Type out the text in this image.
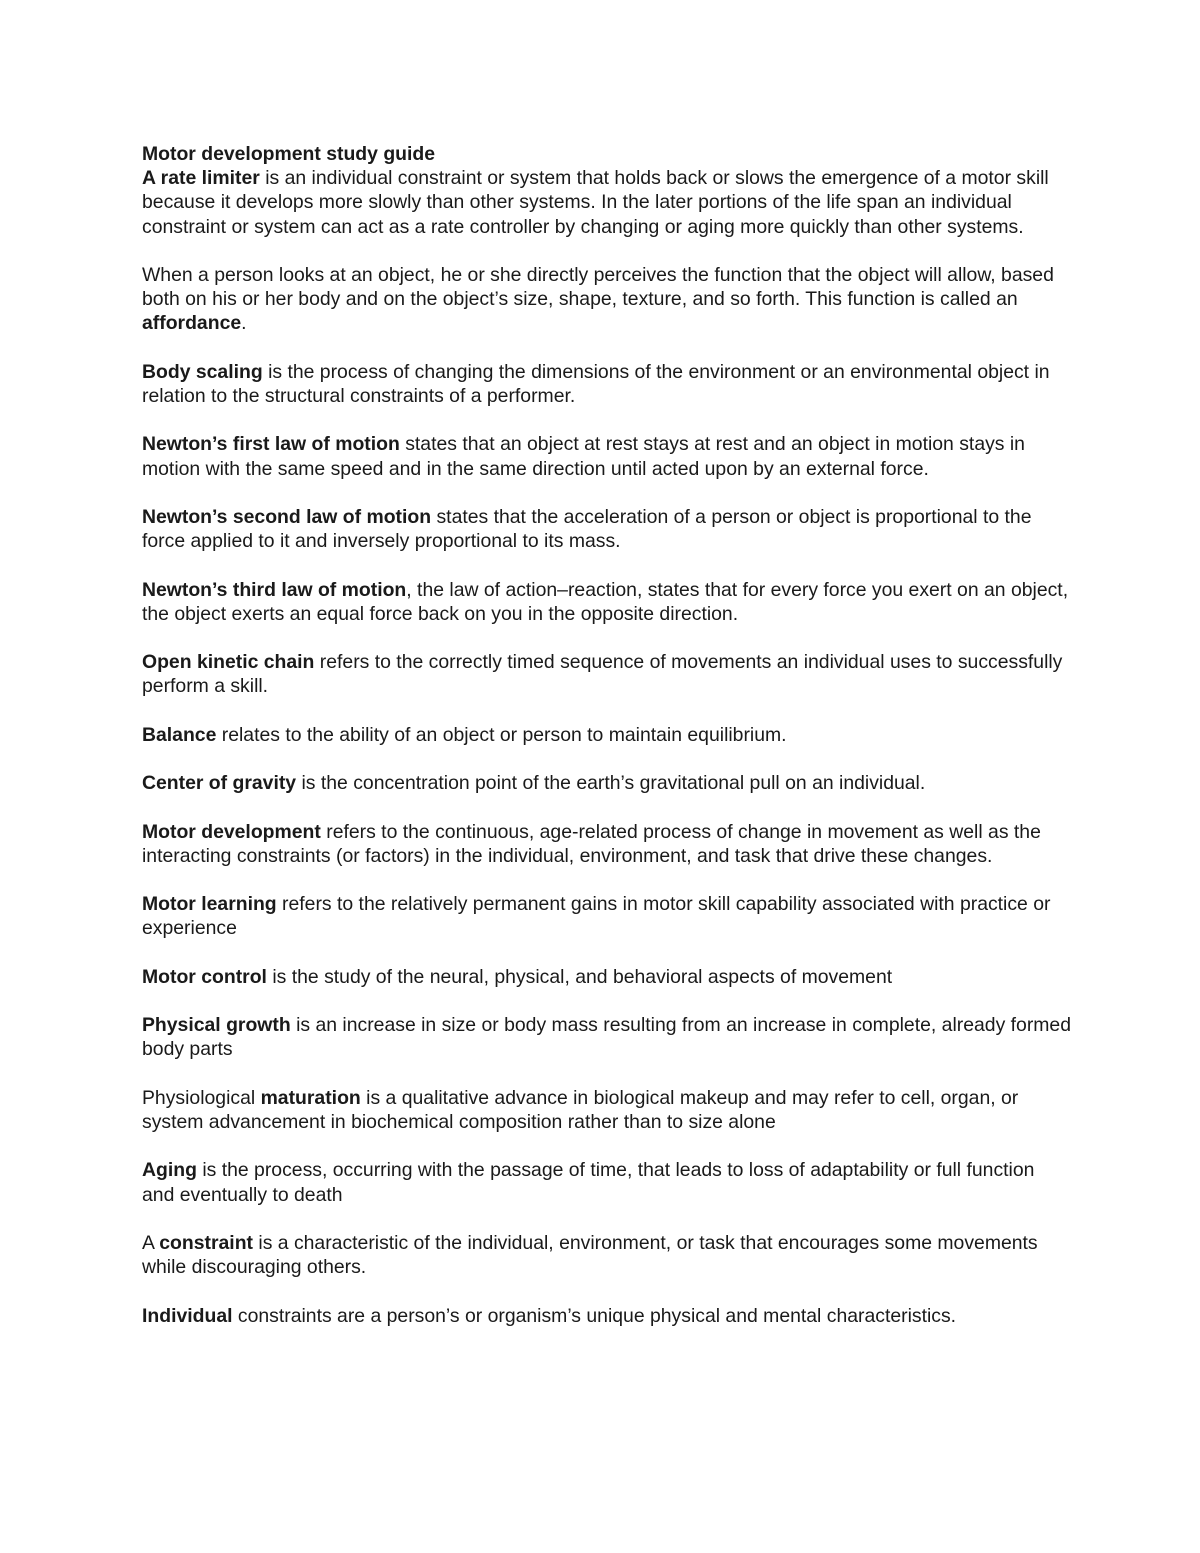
Motor development study guide

A rate limiter is an individual constraint or system that holds back or slows the emergence of a motor skill because it develops more slowly than other systems. In the later portions of the life span an individual constraint or system can act as a rate controller by changing or aging more quickly than other systems.

When a person looks at an object, he or she directly perceives the function that the object will allow, based both on his or her body and on the object’s size, shape, texture, and so forth. This function is called an affordance.

Body scaling is the process of changing the dimensions of the environment or an environmental object in relation to the structural constraints of a performer.

Newton’s first law of motion states that an object at rest stays at rest and an object in motion stays in motion with the same speed and in the same direction until acted upon by an external force.

Newton’s second law of motion states that the acceleration of a person or object is proportional to the force applied to it and inversely proportional to its mass.

Newton’s third law of motion, the law of action–reaction, states that for every force you exert on an object, the object exerts an equal force back on you in the opposite direction.

Open kinetic chain refers to the correctly timed sequence of movements an individual uses to successfully perform a skill.

Balance relates to the ability of an object or person to maintain equilibrium.

Center of gravity is the concentration point of the earth’s gravitational pull on an individual.

Motor development refers to the continuous, age-related process of change in movement as well as the interacting constraints (or factors) in the individual, environment, and task that drive these changes.

Motor learning refers to the relatively permanent gains in motor skill capability associated with practice or experience

Motor control is the study of the neural, physical, and behavioral aspects of movement

Physical growth is an increase in size or body mass resulting from an increase in complete, already formed body parts

Physiological maturation is a qualitative advance in biological makeup and may refer to cell, organ, or system advancement in biochemical composition rather than to size alone

Aging is the process, occurring with the passage of time, that leads to loss of adaptability or full function and eventually to death

A constraint is a characteristic of the individual, environment, or task that encourages some movements while discouraging others.

Individual constraints are a person’s or organism’s unique physical and mental characteristics.
